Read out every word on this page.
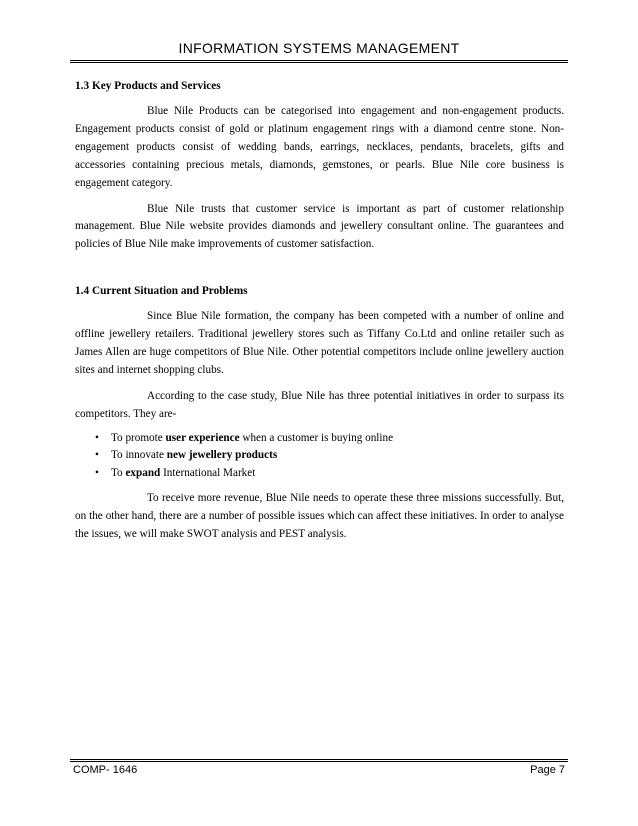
INFORMATION SYSTEMS MANAGEMENT
1.3 Key Products and Services

Blue Nile Products can be categorised into engagement and non-engagement products. Engagement products consist of gold or platinum engagement rings with a diamond centre stone. Non-engagement products consist of wedding bands, earrings, necklaces, pendants, bracelets, gifts and accessories containing precious metals, diamonds, gemstones, or pearls. Blue Nile core business is engagement category.

Blue Nile trusts that customer service is important as part of customer relationship management. Blue Nile website provides diamonds and jewellery consultant online. The guarantees and policies of Blue Nile make improvements of customer satisfaction.

1.4 Current Situation and Problems

Since Blue Nile formation, the company has been competed with a number of online and offline jewellery retailers. Traditional jewellery stores such as Tiffany Co.Ltd and online retailer such as James Allen are huge competitors of Blue Nile. Other potential competitors include online jewellery auction sites and internet shopping clubs.

According to the case study, Blue Nile has three potential initiatives in order to surpass its competitors. They are-

• To promote user experience when a customer is buying online
• To innovate new jewellery products
• To expand International Market

To receive more revenue, Blue Nile needs to operate these three missions successfully. But, on the other hand, there are a number of possible issues which can affect these initiatives. In order to analyse the issues, we will make SWOT analysis and PEST analysis.

COMP- 1646	Page 7
